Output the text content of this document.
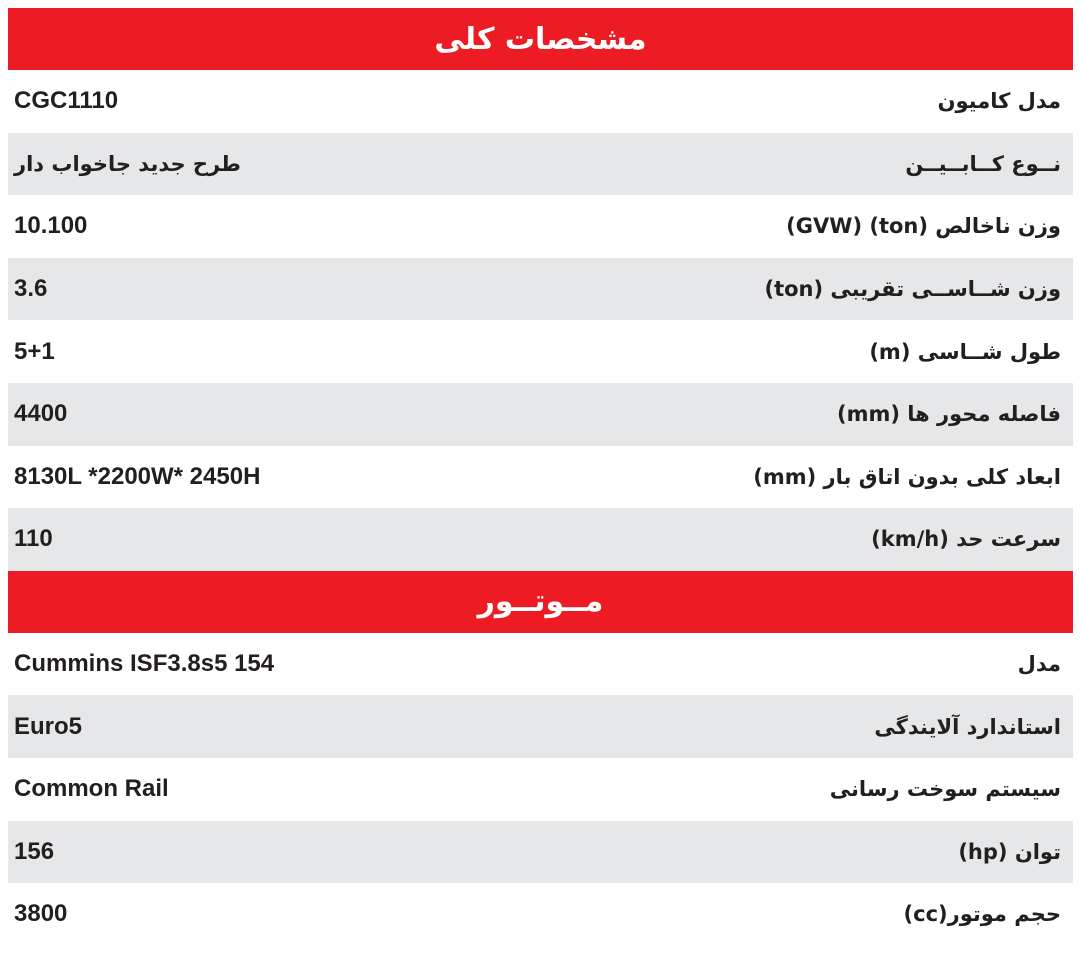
مشخصات کلی
CGC1110	مدل کامیون
طرح جدید جاخواب دار	نــوع کــابــیــن
10.100	وزن ناخالص (ton) (GVW)
3.6	وزن شــاســی تقریبی (ton)
5+1	طول شــاسی (m)
4400	فاصله محور ها (mm)
8130L *2200W* 2450H	ابعاد کلی بدون اتاق بار (mm)
110	سرعت حد (km/h)
مــوتــور
Cummins ISF3.8s5 154	مدل
Euro5	استاندارد آلایندگی
Common Rail	سیستم سوخت رسانی
156	توان (hp)
3800	حجم موتور(cc)
